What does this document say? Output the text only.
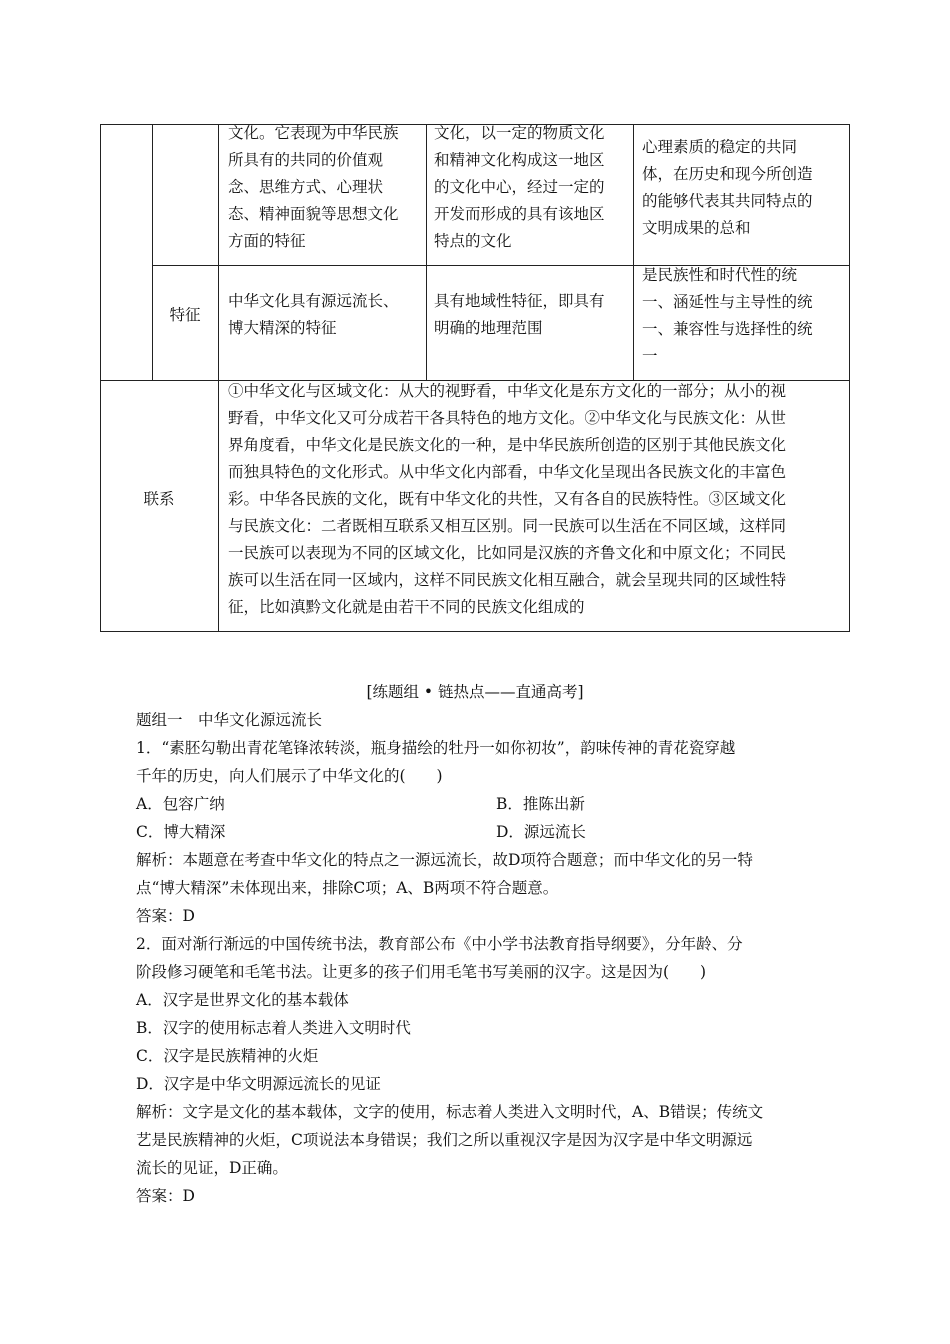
文化。它表现为中华民族
所具有的共同的价值观
念、思维方式、心理状
态、精神面貌等思想文化
方面的特征
文化，以一定的物质文化
和精神文化构成这一地区
的文化中心，经过一定的
开发而形成的具有该地区
特点的文化
心理素质的稳定的共同
体，在历史和现今所创造
的能够代表其共同特点的
文明成果的总和
特征
中华文化具有源远流长、
博大精深的特征
具有地域性特征，即具有
明确的地理范围
是民族性和时代性的统
一、涵延性与主导性的统
一、兼容性与选择性的统
一
联系
①中华文化与区域文化：从大的视野看，中华文化是东方文化的一部分；从小的视
野看，中华文化又可分成若干各具特色的地方文化。②中华文化与民族文化：从世
界角度看，中华文化是民族文化的一种，是中华民族所创造的区别于其他民族文化
而独具特色的文化形式。从中华文化内部看，中华文化呈现出各民族文化的丰富色
彩。中华各民族的文化，既有中华文化的共性，又有各自的民族特性。③区域文化
与民族文化：二者既相互联系又相互区别。同一民族可以生活在不同区域，这样同
一民族可以表现为不同的区域文化，比如同是汉族的齐鲁文化和中原文化；不同民
族可以生活在同一区域内，这样不同民族文化相互融合，就会呈现共同的区域性特
征，比如滇黔文化就是由若干不同的民族文化组成的
[练题组 • 链热点——直通高考]
题组一　中华文化源远流长
1．“素胚勾勒出青花笔锋浓转淡，瓶身描绘的牡丹一如你初妆”，韵味传神的青花瓷穿越
千年的历史，向人们展示了中华文化的(　　)
A．包容广纳	B．推陈出新
C．博大精深	D．源远流长
解析：本题意在考查中华文化的特点之一源远流长，故D项符合题意；而中华文化的另一特
点“博大精深”未体现出来，排除C项；A、B两项不符合题意。
答案：D
2．面对渐行渐远的中国传统书法，教育部公布《中小学书法教育指导纲要》，分年龄、分
阶段修习硬笔和毛笔书法。让更多的孩子们用毛笔书写美丽的汉字。这是因为(　　)
A．汉字是世界文化的基本载体
B．汉字的使用标志着人类进入文明时代
C．汉字是民族精神的火炬
D．汉字是中华文明源远流长的见证
解析：文字是文化的基本载体，文字的使用，标志着人类进入文明时代，A、B错误；传统文
艺是民族精神的火炬，C项说法本身错误；我们之所以重视汉字是因为汉字是中华文明源远
流长的见证，D正确。
答案：D
